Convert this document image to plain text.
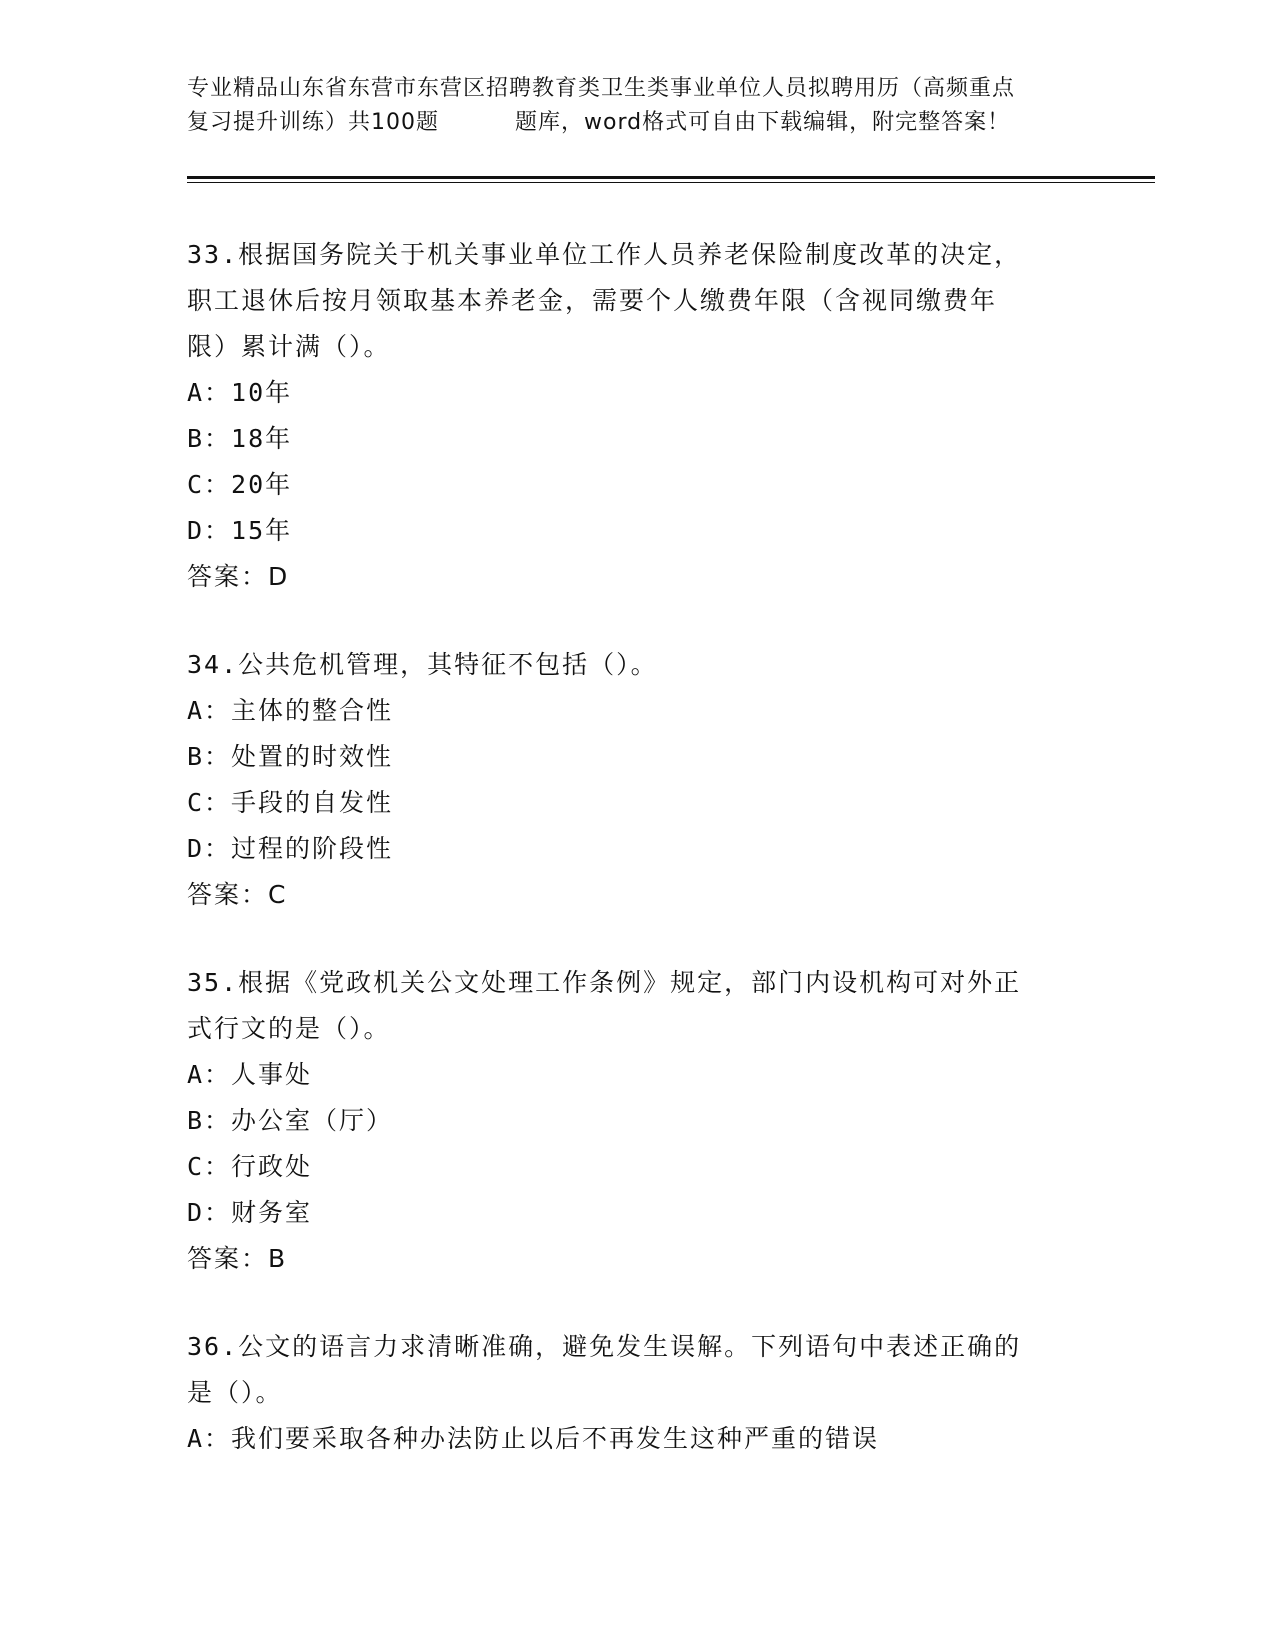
专业精品山东省东营市东营区招聘教育类卫生类事业单位人员拟聘用历（高频重点
复习提升训练）共100题	题库，word格式可自由下载编辑，附完整答案！
33.根据国务院关于机关事业单位工作人员养老保险制度改革的决定，
职工退休后按月领取基本养老金，需要个人缴费年限（含视同缴费年
限）累计满（）。
A：10年
B：18年
C：20年
D：15年
答案：D
34.公共危机管理，其特征不包括（）。
A：主体的整合性
B：处置的时效性
C：手段的自发性
D：过程的阶段性
答案：C
35.根据《党政机关公文处理工作条例》规定，部门内设机构可对外正
式行文的是（）。
A：人事处
B：办公室（厅）
C：行政处
D：财务室
答案：B
36.公文的语言力求清晰准确，避免发生误解。下列语句中表述正确的
是（）。
A：我们要采取各种办法防止以后不再发生这种严重的错误
